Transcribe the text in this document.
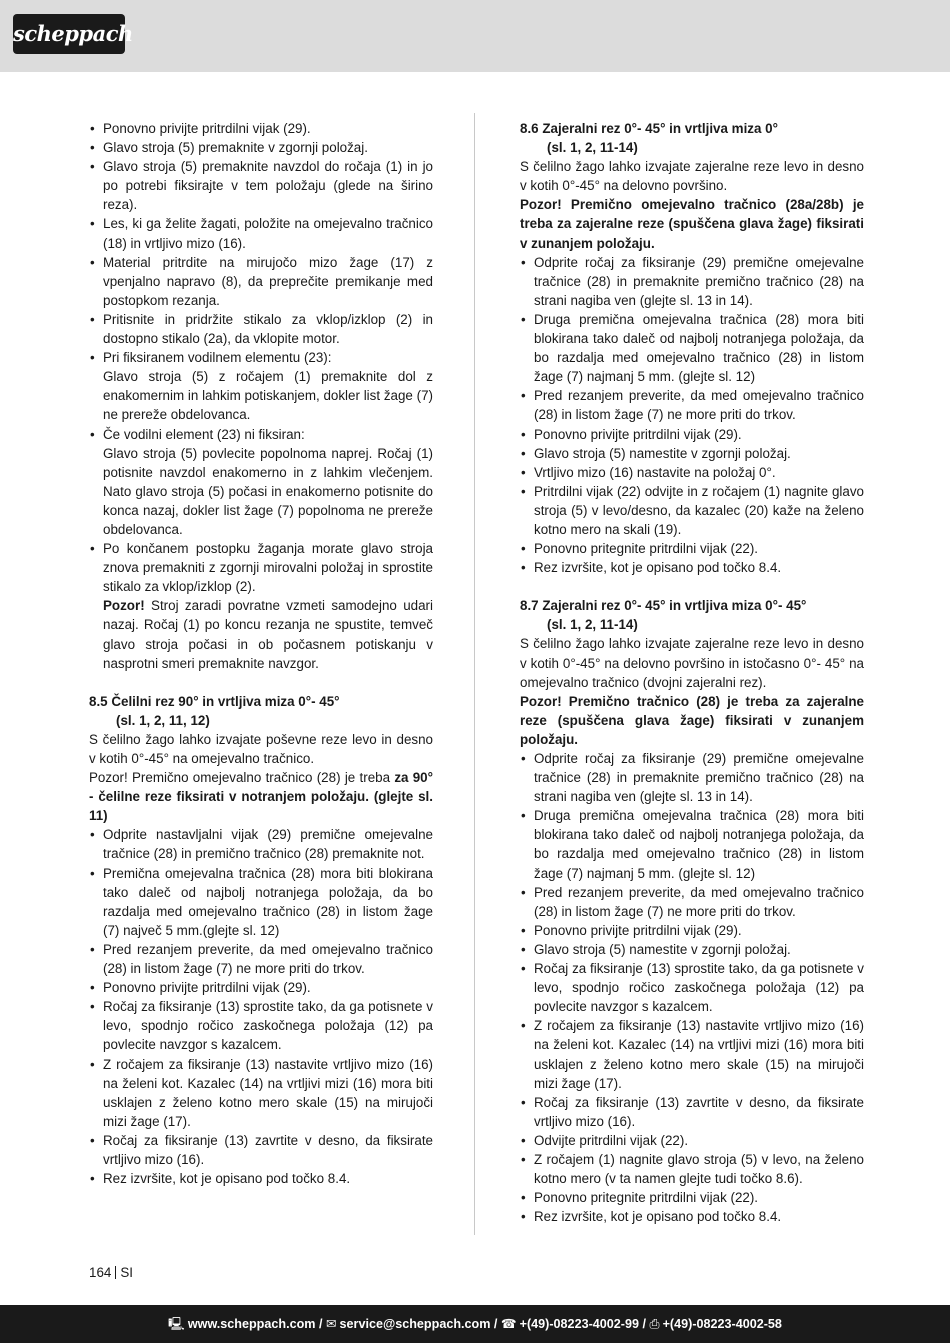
scheppach
• Ponovno privijte pritrdilni vijak (29).
• Glavo stroja (5) premaknite v zgornji položaj.
• Glavo stroja (5) premaknite navzdol do ročaja (1) in jo po potrebi fiksirajte v tem položaju (glede na širino reza).
• Les, ki ga želite žagati, položite na omejevalno tračnico (18) in vrtljivo mizo (16).
• Material pritrdite na mirujočo mizo žage (17) z vpenjalno napravo (8), da preprečite premikanje med postopkom rezanja.
• Pritisnite in pridržite stikalo za vklop/izklop (2) in dostopno stikalo (2a), da vklopite motor.
• Pri fiksiranem vodilnem elementu (23):
Glavo stroja (5) z ročajem (1) premaknite dol z enakomernim in lahkim potiskanjem, dokler list žage (7) ne prereže obdelovanca.
• Če vodilni element (23) ni fiksiran:
Glavo stroja (5) povlecite popolnoma naprej. Ročaj (1) potisnite navzdol enakomerno in z lahkim vlečenjem. Nato glavo stroja (5) počasi in enakomerno potisnite do konca nazaj, dokler list žage (7) popolnoma ne prereže obdelovanca.
• Po končanem postopku žaganja morate glavo stroja znova premakniti z zgornji mirovalni položaj in sprostite stikalo za vklop/izklop (2).
Pozor! Stroj zaradi povratne vzmeti samodejno udari nazaj. Ročaj (1) po koncu rezanja ne spustite, temveč glavo stroja počasi in ob počasnem potiskanju v nasprotni smeri premaknite navzgor.
8.5 Čelilni rez 90° in vrtljiva miza 0°- 45°
(sl. 1, 2, 11, 12)

S čelilno žago lahko izvajate poševne reze levo in desno v kotih 0°-45° na omejevalno tračnico.

Pozor! Premično omejevalno tračnico (28) je treba za 90° - čelilne reze fiksirati v notranjem položaju. (glejte sl. 11)

• Odprite nastavljalni vijak (29) premične omejevalne tračnice (28) in premično tračnico (28) premaknite not.
• Premična omejevalna tračnica (28) mora biti blokirana tako daleč od najbolj notranjega položaja, da bo razdalja med omejevalno tračnico (28) in listom žage (7) največ 5 mm.(glejte sl. 12)
• Pred rezanjem preverite, da med omejevalno tračnico (28) in listom žage (7) ne more priti do trkov.
• Ponovno privijte pritrdilni vijak (29).
• Ročaj za fiksiranje (13) sprostite tako, da ga potisnete v levo, spodnjo ročico zaskočnega položaja (12) pa povlecite navzgor s kazalcem.
• Z ročajem za fiksiranje (13) nastavite vrtljivo mizo (16) na želeni kot. Kazalec (14) na vrtljivi mizi (16) mora biti usklajen z želeno kotno mero skale (15) na mirujoči mizi žage (17).
• Ročaj za fiksiranje (13) zavrtite v desno, da fiksirate vrtljivo mizo (16).
• Rez izvršite, kot je opisano pod točko 8.4.
8.6 Zajeralni rez 0°- 45° in vrtljiva miza 0°
(sl. 1, 2, 11-14)

S čelilno žago lahko izvajate zajeralne reze levo in desno v kotih 0°-45° na delovno površino.

Pozor! Premično omejevalno tračnico (28a/28b) je treba za zajeralne reze (spuščena glava žage) fiksirati v zunanjem položaju.

• Odprite ročaj za fiksiranje (29) premične omejevalne tračnice (28) in premaknite premično tračnico (28) na strani nagiba ven (glejte sl. 13 in 14).
• Druga premična omejevalna tračnica (28) mora biti blokirana tako daleč od najbolj notranjega položaja, da bo razdalja med omejevalno tračnico (28) in listom žage (7) najmanj 5 mm. (glejte sl. 12)
• Pred rezanjem preverite, da med omejevalno tračnico (28) in listom žage (7) ne more priti do trkov.
• Ponovno privijte pritrdilni vijak (29).
• Glavo stroja (5) namestite v zgornji položaj.
• Vrtljivo mizo (16) nastavite na položaj 0°.
• Pritrdilni vijak (22) odvijte in z ročajem (1) nagnite glavo stroja (5) v levo/desno, da kazalec (20) kaže na želeno kotno mero na skali (19).
• Ponovno pritegnite pritrdilni vijak (22).
• Rez izvršite, kot je opisano pod točko 8.4.
8.7 Zajeralni rez 0°- 45° in vrtljiva miza 0°- 45°
(sl. 1, 2, 11-14)

S čelilno žago lahko izvajate zajeralne reze levo in desno v kotih 0°-45° na delovno površino in istočasno 0°- 45° na omejevalno tračnico (dvojni zajeralni rez).

Pozor! Premično tračnico (28) je treba za zajeralne reze (spuščena glava žage) fiksirati v zunanjem položaju.

• Odprite ročaj za fiksiranje (29) premične omejevalne tračnice (28) in premaknite premično tračnico (28) na strani nagiba ven (glejte sl. 13 in 14).
• Druga premična omejevalna tračnica (28) mora biti blokirana tako daleč od najbolj notranjega položaja, da bo razdalja med omejevalno tračnico (28) in listom žage (7) najmanj 5 mm. (glejte sl. 12)
• Pred rezanjem preverite, da med omejevalno tračnico (28) in listom žage (7) ne more priti do trkov.
• Ponovno privijte pritrdilni vijak (29).
• Glavo stroja (5) namestite v zgornji položaj.
• Ročaj za fiksiranje (13) sprostite tako, da ga potisnete v levo, spodnjo ročico zaskočnega položaja (12) pa povlecite navzgor s kazalcem.
• Z ročajem za fiksiranje (13) nastavite vrtljivo mizo (16) na želeni kot. Kazalec (14) na vrtljivi mizi (16) mora biti usklajen z želeno kotno mero skale (15) na mirujoči mizi žage (17).
• Ročaj za fiksiranje (13) zavrtite v desno, da fiksirate vrtljivo mizo (16).
• Odvijte pritrdilni vijak (22).
• Z ročajem (1) nagnite glavo stroja (5) v levo, na želeno kotno mero (v ta namen glejte tudi točko 8.6).
• Ponovno pritegnite pritrdilni vijak (22).
• Rez izvršite, kot je opisano pod točko 8.4.
164 SI
🖳 www.scheppach.com / ✉ service@scheppach.com / ☎ +(49)-08223-4002-99 / ⎙ +(49)-08223-4002-58
